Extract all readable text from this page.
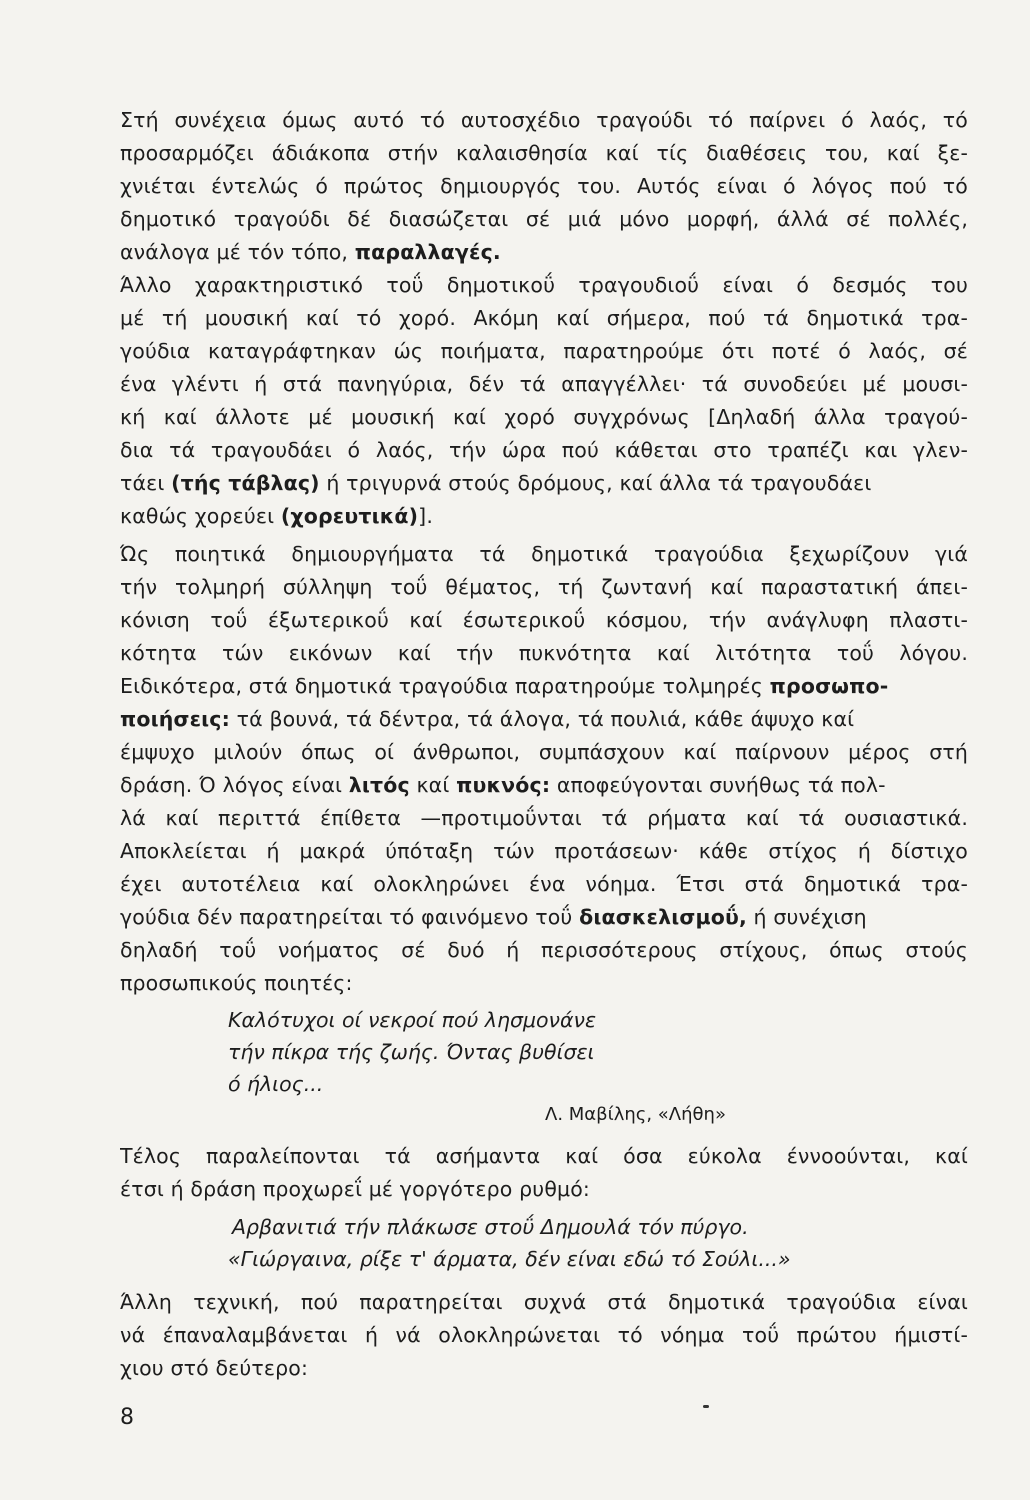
Στή συνέχεια όμως αυτό τό αυτοσχέδιο τραγούδι τό παίρνει ό λαός, τό
προσαρμόζει άδιάκοπα στήν καλαισθησία καί τίς διαθέσεις του, καί ξε-
χνιέται έντελώς ό πρώτος δημιουργός του. Αυτός είναι ό λόγος πού τό
δημοτικό τραγούδι δέ διασώζεται σέ μιά μόνο μορφή, άλλά σέ πολλές,
ανάλογα μέ τόν τόπο, παραλλαγές.
Άλλο χαρακτηριστικό τοΰ δημοτικοΰ τραγουδιοΰ είναι ό δεσμός του
μέ τή μουσική καί τό χορό. Ακόμη καί σήμερα, πού τά δημοτικά τρα-
γούδια καταγράφτηκαν ώς ποιήματα, παρατηρούμε ότι ποτέ ό λαός, σέ
ένα γλέντι ή στά πανηγύρια, δέν τά απαγγέλλει· τά συνοδεύει μέ μουσι-
κή καί άλλοτε μέ μουσική καί χορό συγχρόνως [Δηλαδή άλλα τραγού-
δια τά τραγουδάει ό λαός, τήν ώρα πού κάθεται στο τραπέζι και γλεν-
τάει (τής τάβλας) ή τριγυρνά στούς δρόμους, καί άλλα τά τραγουδάει
καθώς χορεύει (χορευτικά)].
Ώς ποιητικά δημιουργήματα τά δημοτικά τραγούδια ξεχωρίζουν γιά
τήν τολμηρή σύλληψη τοΰ θέματος, τή ζωντανή καί παραστατική άπει-
κόνιση τοΰ έξωτερικοΰ καί έσωτερικοΰ κόσμου, τήν ανάγλυφη πλαστι-
κότητα τών εικόνων καί τήν πυκνότητα καί λιτότητα τοΰ λόγου.
Ειδικότερα, στά δημοτικά τραγούδια παρατηρούμε τολμηρές προσωπο-
ποιήσεις: τά βουνά, τά δέντρα, τά άλογα, τά πουλιά, κάθε άψυχο καί
έμψυχο μιλούν όπως οί άνθρωποι, συμπάσχουν καί παίρνουν μέρος στή
δράση. Ό λόγος είναι λιτός καί πυκνός: αποφεύγονται συνήθως τά πολ-
λά καί περιττά έπίθετα —προτιμοΰνται τά ρήματα καί τά ουσιαστικά.
Αποκλείεται ή μακρά ύπόταξη τών προτάσεων· κάθε στίχος ή δίστιχο
έχει αυτοτέλεια καί ολοκληρώνει ένα νόημα. Έτσι στά δημοτικά τρα-
γούδια δέν παρατηρείται τό φαινόμενο τοΰ διασκελισμοΰ, ή συνέχιση
δηλαδή τοΰ νοήματος σέ δυό ή περισσότερους στίχους, όπως στούς
προσωπικούς ποιητές:
Καλότυχοι οί νεκροί πού λησμονάνε
τήν πίκρα τής ζωής. Όντας βυθίσει
ό ήλιος...
Λ. Μαβίλης, «Λήθη»
Τέλος παραλείπονται τά ασήμαντα καί όσα εύκολα έννοούνται, καί
έτσι ή δράση προχωρεΐ μέ γοργότερο ρυθμό:
Αρβανιτιά τήν πλάκωσε στοΰ Δημουλά τόν πύργο.
«Γιώργαινα, ρίξε τ' άρματα, δέν είναι εδώ τό Σούλι...»
Άλλη τεχνική, πού παρατηρείται συχνά στά δημοτικά τραγούδια είναι
νά έπαναλαμβάνεται ή νά ολοκληρώνεται τό νόημα τοΰ πρώτου ήμιστί-
χιου στό δεύτερο:
8
